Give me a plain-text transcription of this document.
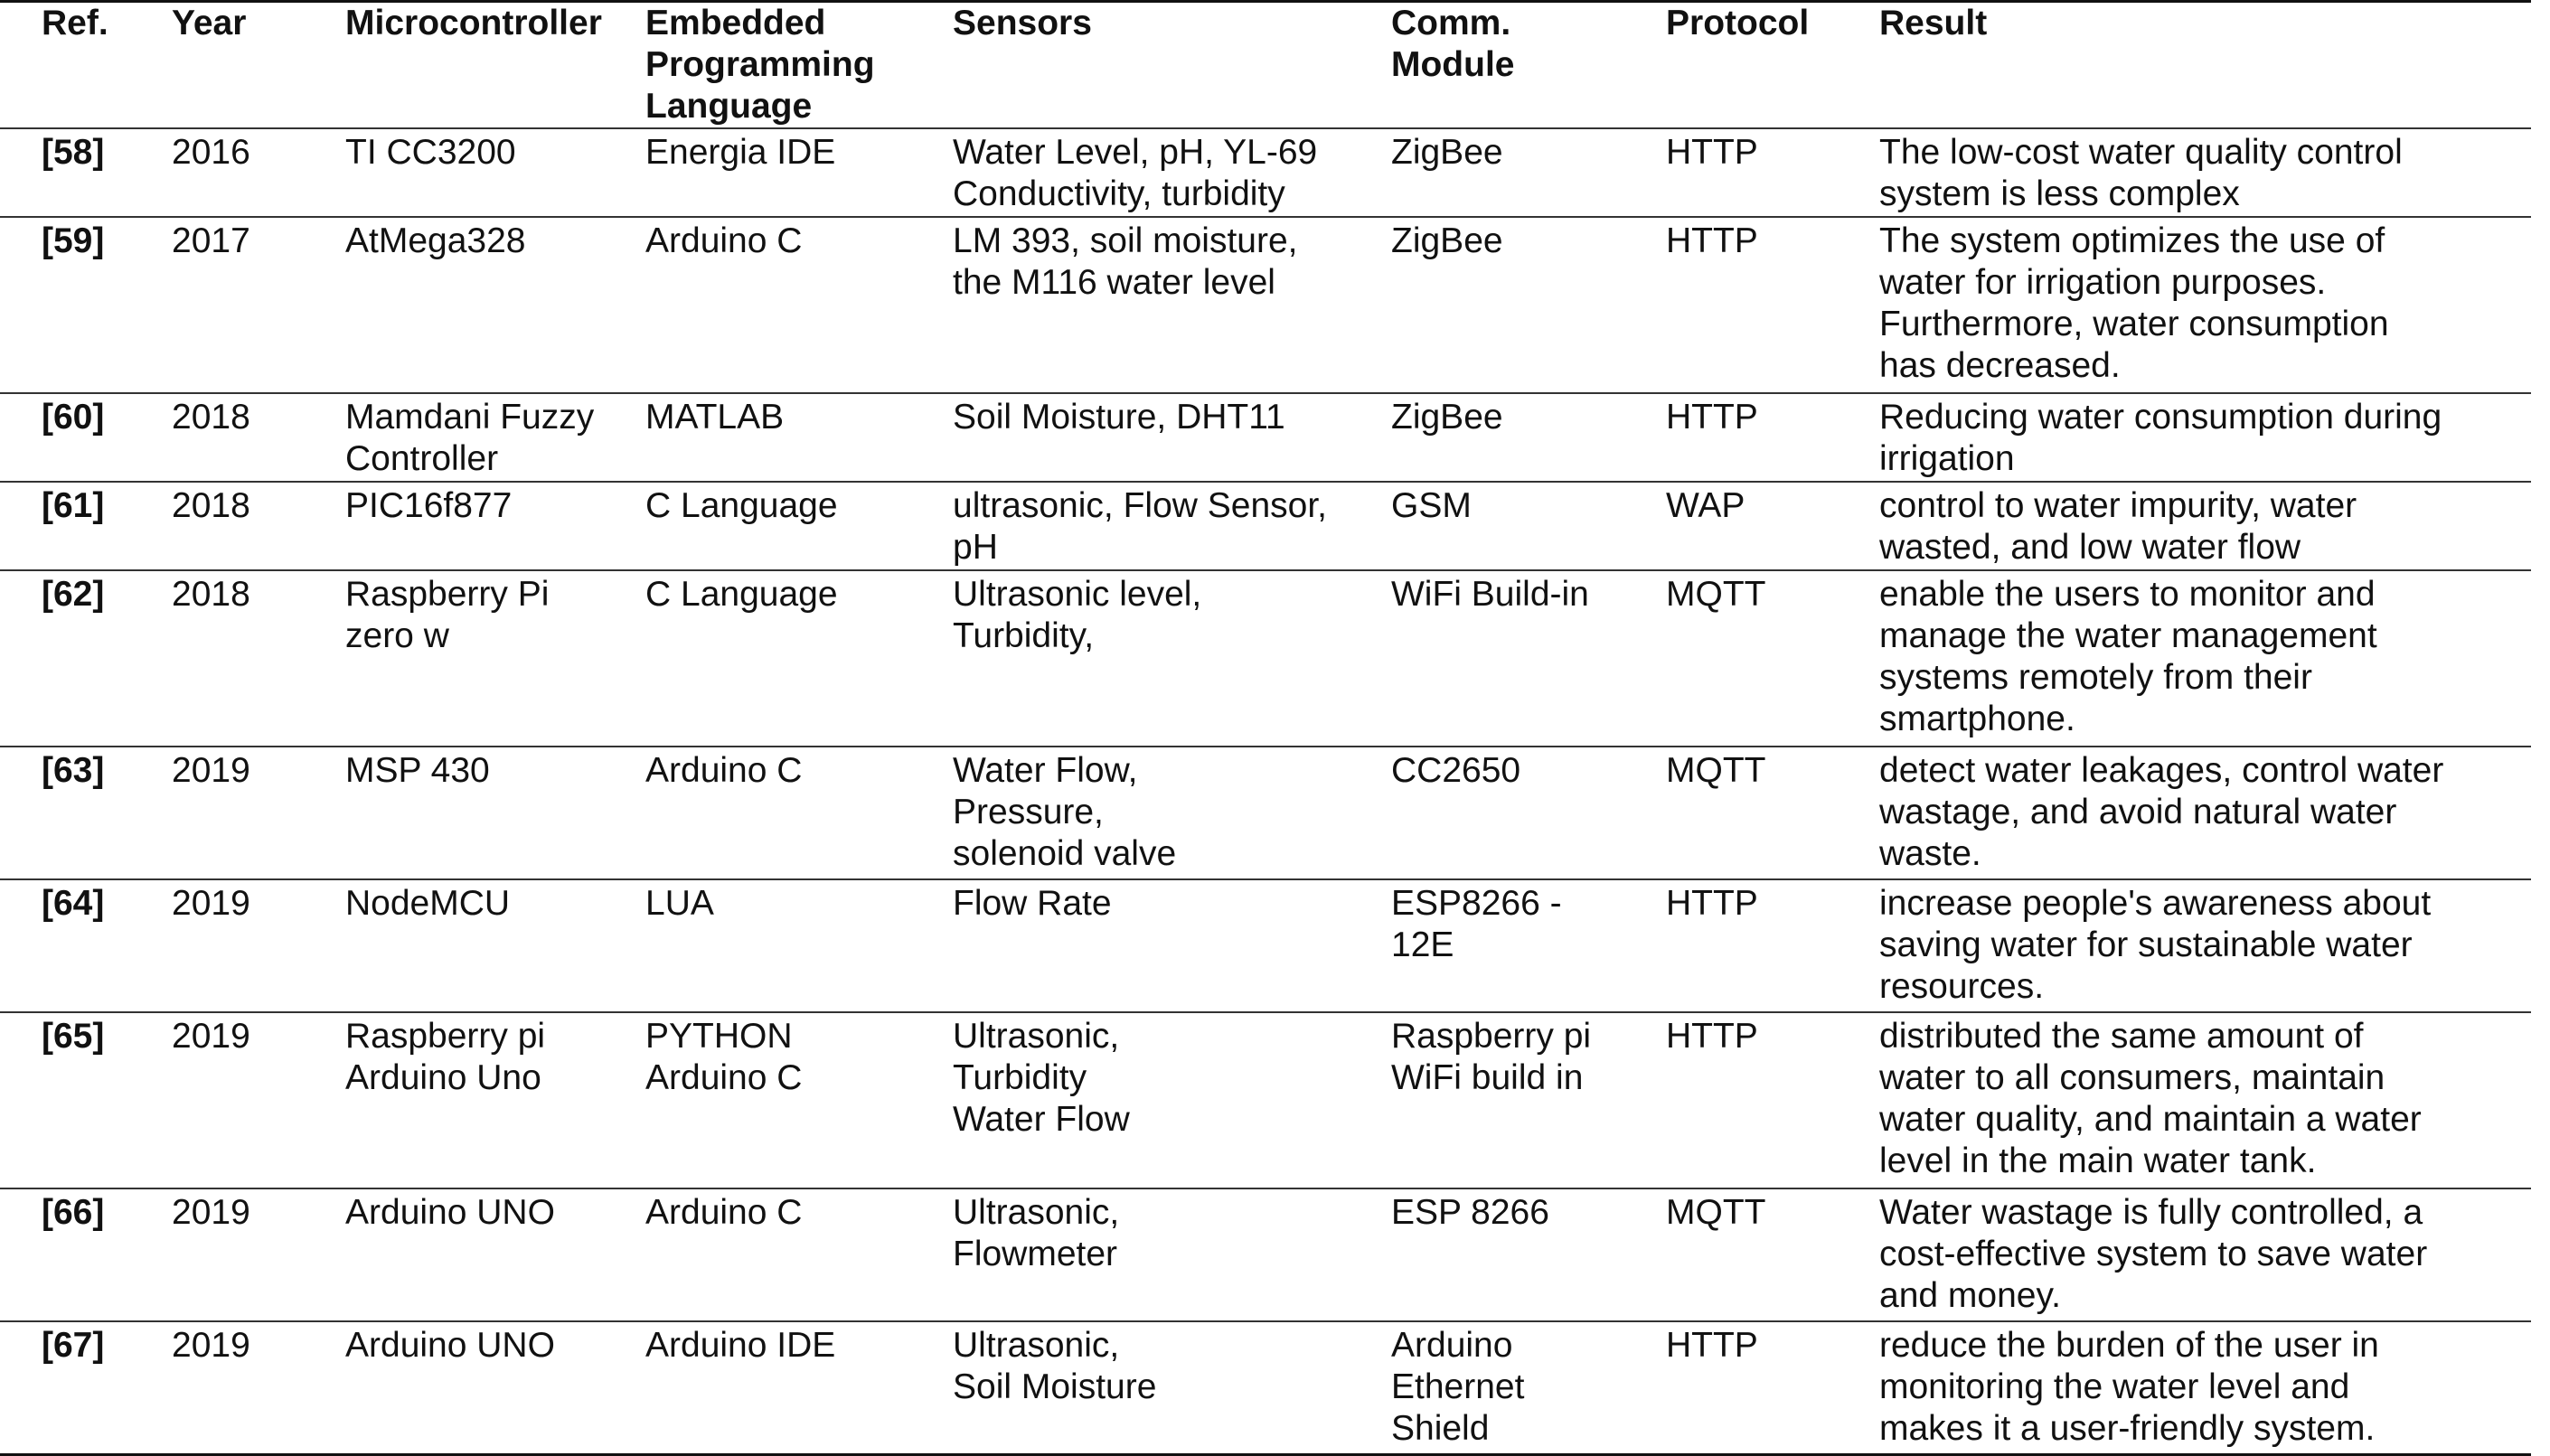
Ref.	Year	Microcontroller	Embedded
Programming
Language	Sensors	Comm.
Module	Protocol	Result
[58]	2016	TI CC3200	Energia IDE	Water Level, pH, YL-69
Conductivity, turbidity	ZigBee	HTTP	The low-cost water quality control
system is less complex
[59]	2017	AtMega328	Arduino C	LM 393, soil moisture,
the M116 water level	ZigBee	HTTP	The system optimizes the use of
water for irrigation purposes.
Furthermore, water consumption
has decreased.
[60]	2018	Mamdani Fuzzy
Controller	MATLAB	Soil Moisture, DHT11	ZigBee	HTTP	Reducing water consumption during
irrigation
[61]	2018	PIC16f877	C Language	ultrasonic, Flow Sensor,
pH	GSM	WAP	control to water impurity, water
wasted, and low water flow
[62]	2018	Raspberry Pi
zero w	C Language	Ultrasonic level,
Turbidity,	WiFi Build-in	MQTT	enable the users to monitor and
manage the water management
systems remotely from their
smartphone.
[63]	2019	MSP 430	Arduino C	Water Flow,
Pressure,
solenoid valve	CC2650	MQTT	detect water leakages, control water
wastage, and avoid natural water
waste.
[64]	2019	NodeMCU	LUA	Flow Rate	ESP8266 -
12E	HTTP	increase people's awareness about
saving water for sustainable water
resources.
[65]	2019	Raspberry pi
Arduino Uno	PYTHON
Arduino C	Ultrasonic,
Turbidity
Water Flow	Raspberry pi
WiFi build in	HTTP	distributed the same amount of
water to all consumers, maintain
water quality, and maintain a water
level in the main water tank.
[66]	2019	Arduino UNO	Arduino C	Ultrasonic,
Flowmeter	ESP 8266	MQTT	Water wastage is fully controlled, a
cost-effective system to save water
and money.
[67]	2019	Arduino UNO	Arduino IDE	Ultrasonic,
Soil Moisture	Arduino
Ethernet
Shield	HTTP	reduce the burden of the user in
monitoring the water level and
makes it a user-friendly system.
